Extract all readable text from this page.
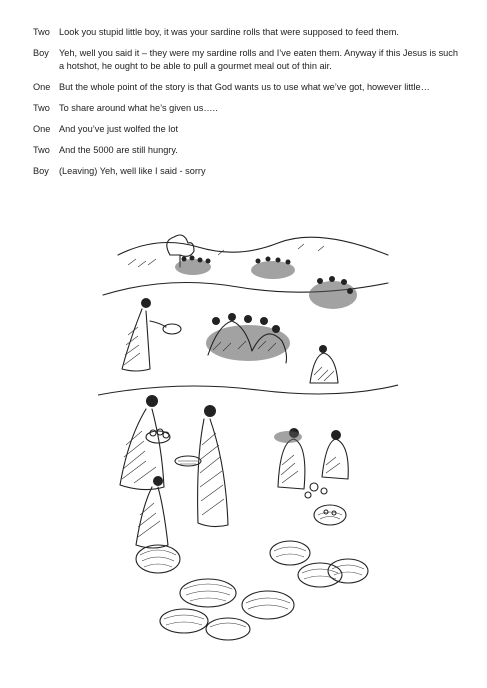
Two Look you stupid little boy, it was your sardine rolls that were supposed to feed them.
Boy	Yeh, well you said it – they were my sardine rolls and I’ve eaten them. Anyway if this Jesus is such a hotshot, he ought to be able to pull a gourmet meal out of thin air.
One But the whole point of the story is that God wants us to use what we’ve got, however little…
Two To share around what he’s given us…..
One And you’ve just wolfed the lot
Two And the 5000 are still hungry.
Boy	(Leaving) Yeh, well like I said - sorry
